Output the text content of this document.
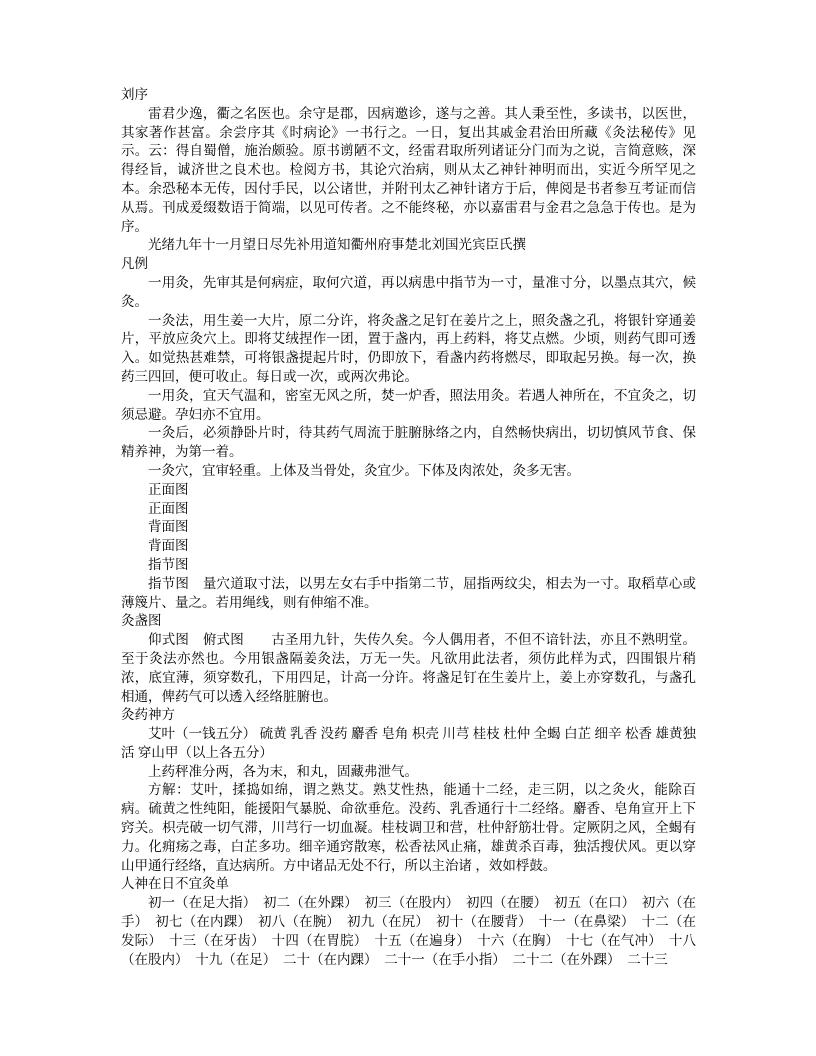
刘序

雷君少逸，衢之名医也。余守是郡，因病邀诊，遂与之善。其人秉至性，多读书，以医世，其家著作甚富。余尝序其《时病论》一书行之。一日，复出其戚金君治田所藏《灸法秘传》见示。云：得自蜀僧，施治颇验。原书谫陋不文，经雷君取所列诸证分门而为之说，言简意赅，深得经旨，诚济世之良术也。检阅方书，其论穴治病，则从太乙神针神明而出，实近今所罕见之本。余恐秘本无传，因付手民，以公诸世，并附刊太乙神针诸方于后，俾阅是书者参互考证而信从焉。刊成爰缀数语于简端，以见可传者。之不能终秘，亦以嘉雷君与金君之急急于传也。是为序。

光绪九年十一月望日尽先补用道知衢州府事楚北刘国光宾臣氏撰

凡例

一用灸，先审其是何病症，取何穴道，再以病患中指节为一寸，量准寸分，以墨点其穴，候灸。

一灸法，用生姜一大片，原二分许，将灸盏之足钉在姜片之上，照灸盏之孔，将银针穿通姜片，平放应灸穴上。即将艾绒捏作一团，置于盏内，再上药料，将艾点燃。少顷，则药气即可透入。如觉热甚难禁，可将银盏提起片时，仍即放下，看盏内药将燃尽，即取起另换。每一次，换药三四回，便可收止。每日或一次，或两次弗论。

一用灸，宜天气温和，密室无风之所，焚一炉香，照法用灸。若遇人神所在，不宜灸之，切须忌避。孕妇亦不宜用。

一灸后，必须静卧片时，待其药气周流于脏腑脉络之内，自然畅快病出，切切慎风节食、保精养神，为第一着。

一灸穴，宜审轻重。上体及当骨处，灸宜少。下体及肉浓处，灸多无害。

正面图

正面图

背面图

背面图

指节图

指节图　量穴道取寸法，以男左女右手中指第二节，屈指两纹尖，相去为一寸。取稻草心或薄篾片、量之。若用绳线，则有伸缩不准。

灸盏图

仰式图　俯式图　　古圣用九针，失传久矣。今人偶用者，不但不谙针法，亦且不熟明堂。至于灸法亦然也。今用银盏隔姜灸法，万无一失。凡欲用此法者，须仿此样为式，四围银片稍浓，底宜薄，须穿数孔，下用四足，计高一分许。将盏足钉在生姜片上，姜上亦穿数孔，与盏孔相通，俾药气可以透入经络脏腑也。

灸药神方

艾叶（一钱五分） 硫黄 乳香 没药 麝香 皂角 枳壳 川芎 桂枝 杜仲 全蝎 白芷 细辛 松香 雄黄独活 穿山甲（以上各五分）

上药秤准分两，各为末，和丸，固藏弗泄气。

方解：艾叶，揉捣如绵，谓之熟艾。熟艾性热，能通十二经，走三阴，以之灸火，能除百病。硫黄之性纯阳，能援阳气暴脱、命欲垂危。没药、乳香通行十二经络。麝香、皂角宣开上下窍关。枳壳破一切气滞，川芎行一切血凝。桂枝调卫和营，杜仲舒筋壮骨。定厥阴之风，全蝎有力。化痈疡之毒，白芷多功。细辛通窍散寒，松香祛风止痛，雄黄杀百毒，独活搜伏风。更以穿山甲通行经络，直达病所。方中诸品无处不行，所以主治诸 ，效如桴鼓。

人神在日不宜灸单

初一（在足大指）　初二（在外踝）　初三（在股内）　初四（在腰）　初五（在口）　初六（在手）　初七（在内踝）　初八（在腕）　初九（在尻）　初十（在腰背）　十一（在鼻梁）　十二（在发际）　十三（在牙齿）　十四（在胃脘）　十五（在遍身）　十六（在胸）　十七（在气冲）　十八（在股内）　十九（在足）　二十（在内踝）　二十一（在手小指）　二十二（在外踝）　二十三
